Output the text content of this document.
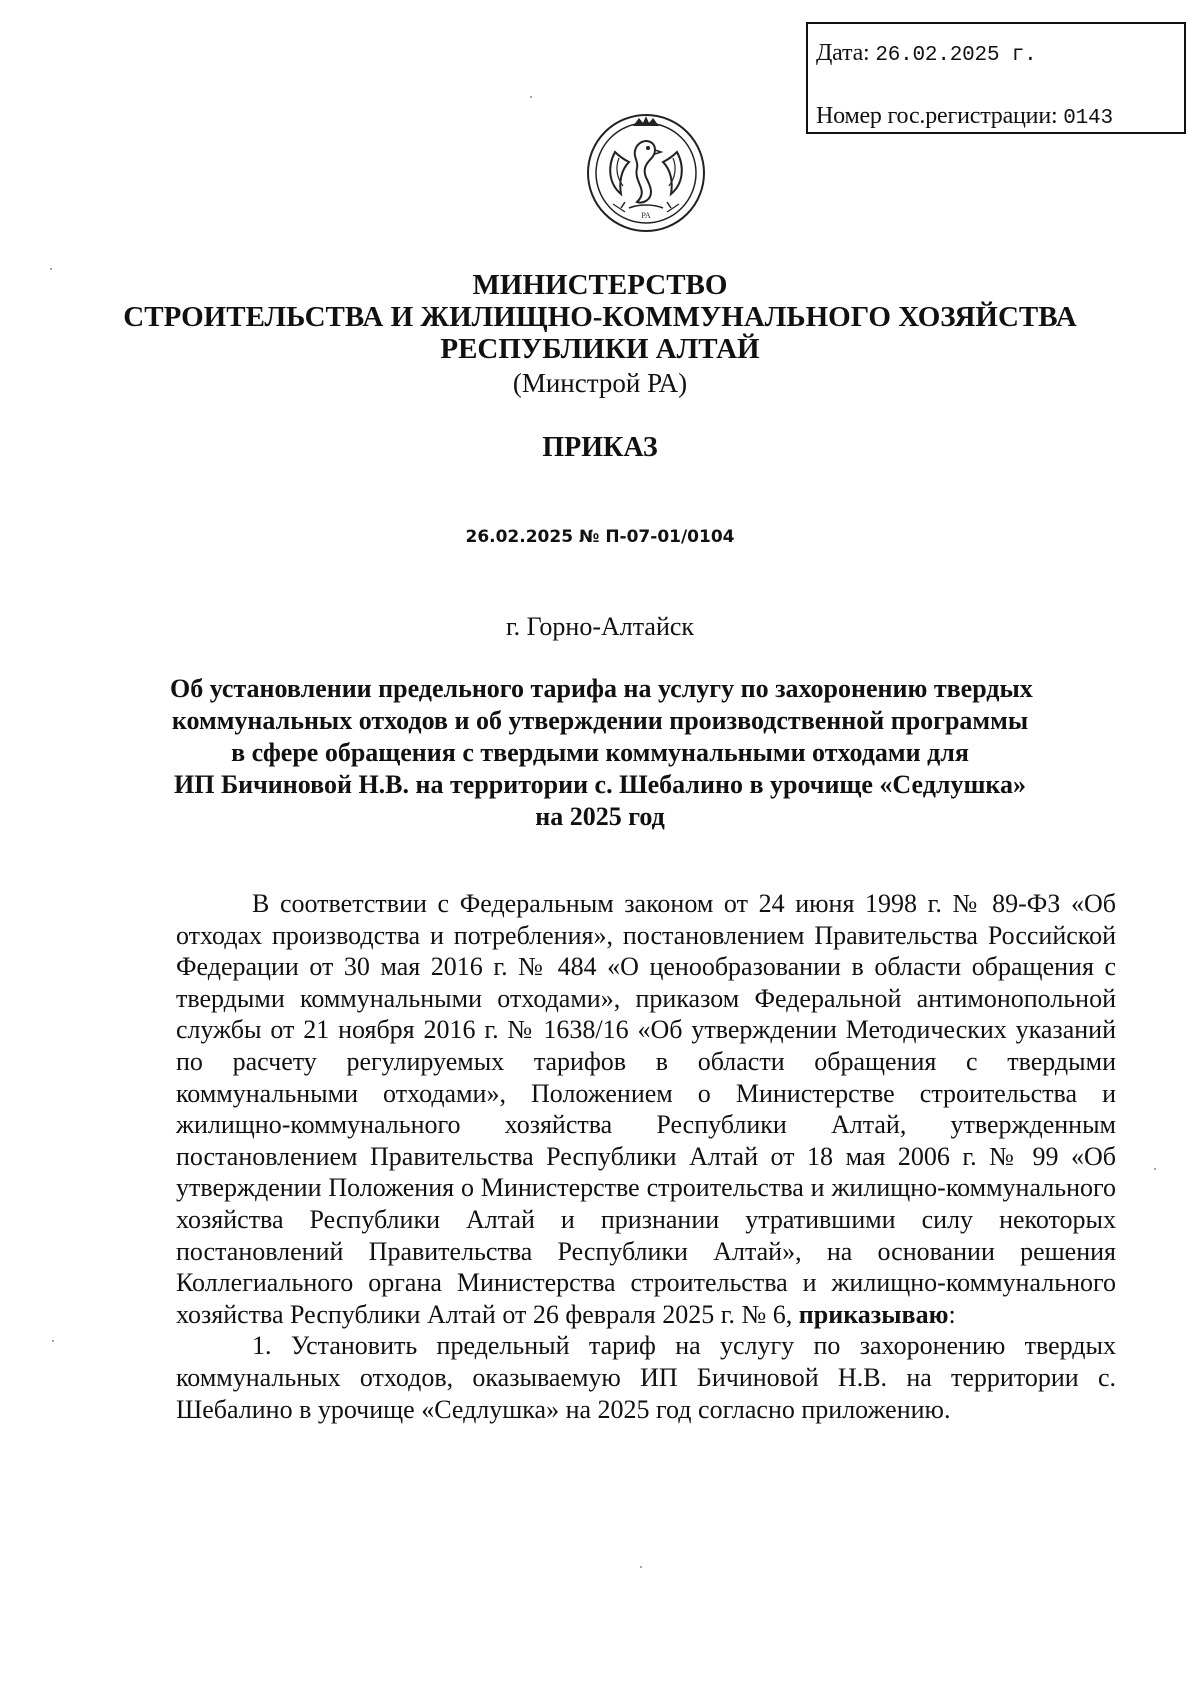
Дата: 26.02.2025 г.
Номер гос.регистрации: 0143
РА
МИНИСТЕРСТВО
СТРОИТЕЛЬСТВА И ЖИЛИЩНО-КОММУНАЛЬНОГО ХОЗЯЙСТВА
РЕСПУБЛИКИ АЛТАЙ
(Минстрой РА)
ПРИКАЗ
26.02.2025 № П-07-01/0104
г. Горно-Алтайск
Об установлении предельного тарифа на услугу по захоронению твердых
коммунальных отходов и об утверждении производственной программы
в сфере обращения с твердыми коммунальными отходами для
ИП Бичиновой Н.В. на территории с. Шебалино в урочище «Седлушка»
на 2025 год

В соответствии с Федеральным законом от 24 июня 1998 г. № 89-ФЗ «Об отходах производства и потребления», постановлением Правительства Российской Федерации от 30 мая 2016 г. № 484 «О ценообразовании в области обращения с твердыми коммунальными отходами», приказом Федеральной антимонопольной службы от 21 ноября 2016 г. № 1638/16 «Об утверждении Методических указаний по расчету регулируемых тарифов в области обращения с твердыми коммунальными отходами», Положением о Министерстве строительства и жилищно-коммунального хозяйства Республики Алтай, утвержденным постановлением Правительства Республики Алтай от 18 мая 2006 г. № 99 «Об утверждении Положения о Министерстве строительства и жилищно-коммунального хозяйства Республики Алтай и признании утратившими силу некоторых постановлений Правительства Республики Алтай», на основании решения Коллегиального органа Министерства строительства и жилищно-коммунального хозяйства Республики Алтай от 26 февраля 2025 г. № 6, приказываю:

1. Установить предельный тариф на услугу по захоронению твердых коммунальных отходов, оказываемую ИП Бичиновой Н.В. на территории с. Шебалино в урочище «Седлушка» на 2025 год согласно приложению.
